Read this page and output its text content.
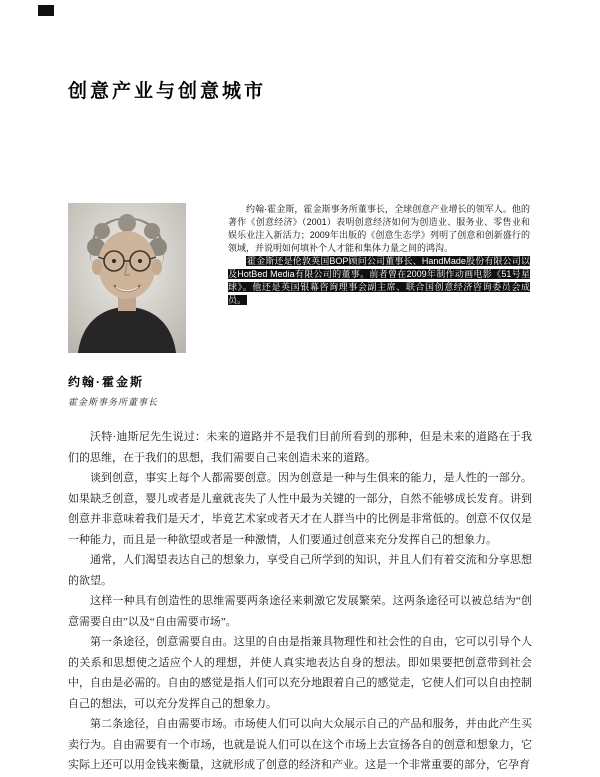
创意产业与创意城市
约翰·霍金斯
霍金斯事务所董事长

约翰·霍金斯，霍金斯事务所董事长，全球创意产业增长的领军人。他的著作《创意经济》（2001）表明创意经济如何为创造业、服务业、零售业和娱乐业注入新活力；2009年出版的《创意生态学》列明了创意和创新盛行的领域，并说明如何填补个人才能和集体力量之间的鸿沟。

霍金斯还是伦敦英国BOP顾问公司董事长、HandMade股份有限公司以及HotBed Media有限公司的董事。前者曾在2009年制作动画电影《51号星球》。他还是英国银幕咨询理事会副主席、联合国创意经济咨询委员会成员。

沃特·迪斯尼先生说过：未来的道路并不是我们目前所看到的那种，但是未来的道路在于我们的思维，在于我们的思想，我们需要自己来创造未来的道路。

谈到创意，事实上每个人都需要创意。因为创意是一种与生俱来的能力，是人性的一部分。如果缺乏创意，婴儿或者是儿童就丧失了人性中最为关键的一部分，自然不能够成长发育。讲到创意并非意味着我们是天才，毕竟艺术家或者天才在人群当中的比例是非常低的。创意不仅仅是一种能力，而且是一种欲望或者是一种激情，人们要通过创意来充分发挥自己的想象力。

通常，人们渴望表达自己的想象力，享受自己所学到的知识，并且人们有着交流和分享思想的欲望。

这样一种具有创造性的思维需要两条途径来刺激它发展繁荣。这两条途径可以被总结为“创意需要自由”以及“自由需要市场”。

第一条途径，创意需要自由。这里的自由是指兼具物理性和社会性的自由，它可以引导个人的关系和思想使之适应个人的理想，并使人真实地表达自身的想法。即如果要把创意带到社会中，自由是必需的。自由的感觉是指人们可以充分地跟着自己的感觉走，它使人们可以自由控制自己的想法，可以充分发挥自己的想象力。

第二条途径，自由需要市场。市场使人们可以向大众展示自己的产品和服务，并由此产生买卖行为。自由需要有一个市场，也就是说人们可以在这个市场上去宣扬各自的创意和想象力，它实际上还可以用金钱来衡量，这就形成了创意的经济和产业。这是一个非常重要的部分，它孕育
